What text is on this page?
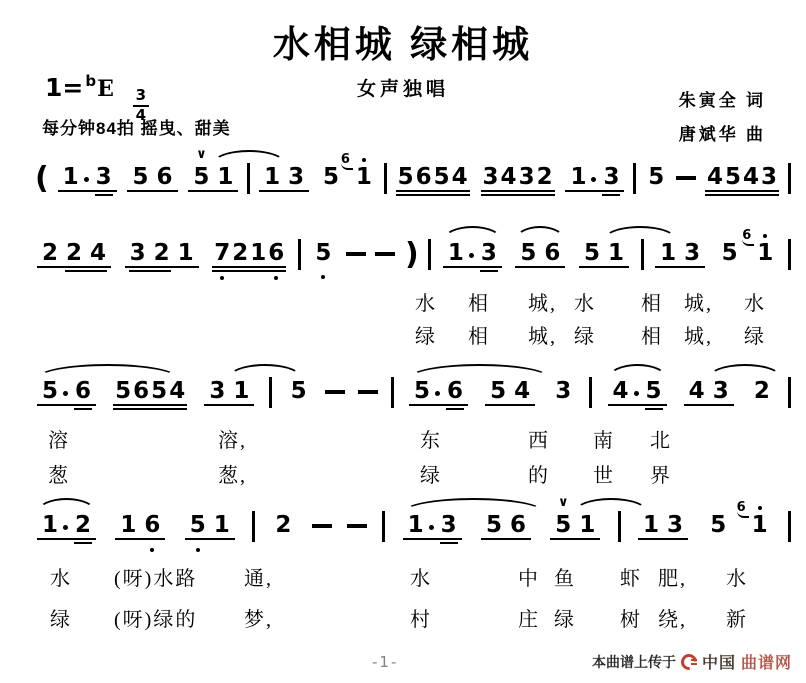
水相城 绿相城
女声独唱
$1= ^bE \frac{3}{4}$
每分钟84拍 摇曳、甜美
朱寅全 词
唐斌华 曲
( 1 3 5 6 5
∨
1 1 3 5 1
6
5 6 5 4 3 4 3 2 1 3 5 4 5 4 3
2 2 4 3 2 1 7 2 1 6 5 ) 1 3 5 6 5 1 1 3 5 1
6
5 6 5 6 5 4 3 1 5	5 6 5 4 3 4 5 4 3 2
1 2 1 6 5 1 2	1 3 5 6 5
∨
1 1 3 5 1
6
水 相 城, 水 相 城, 水
绿 相 城, 绿 相 城, 绿
溶	溶,	东	西 南 北
葱	葱,	绿	的 世 界
水 (呀)水路 通,	水	中 鱼 虾 肥, 水
绿 (呀)绿的 梦,	村	庄 绿 树 绕, 新
-1-	本曲谱上传于 中国 曲谱网
